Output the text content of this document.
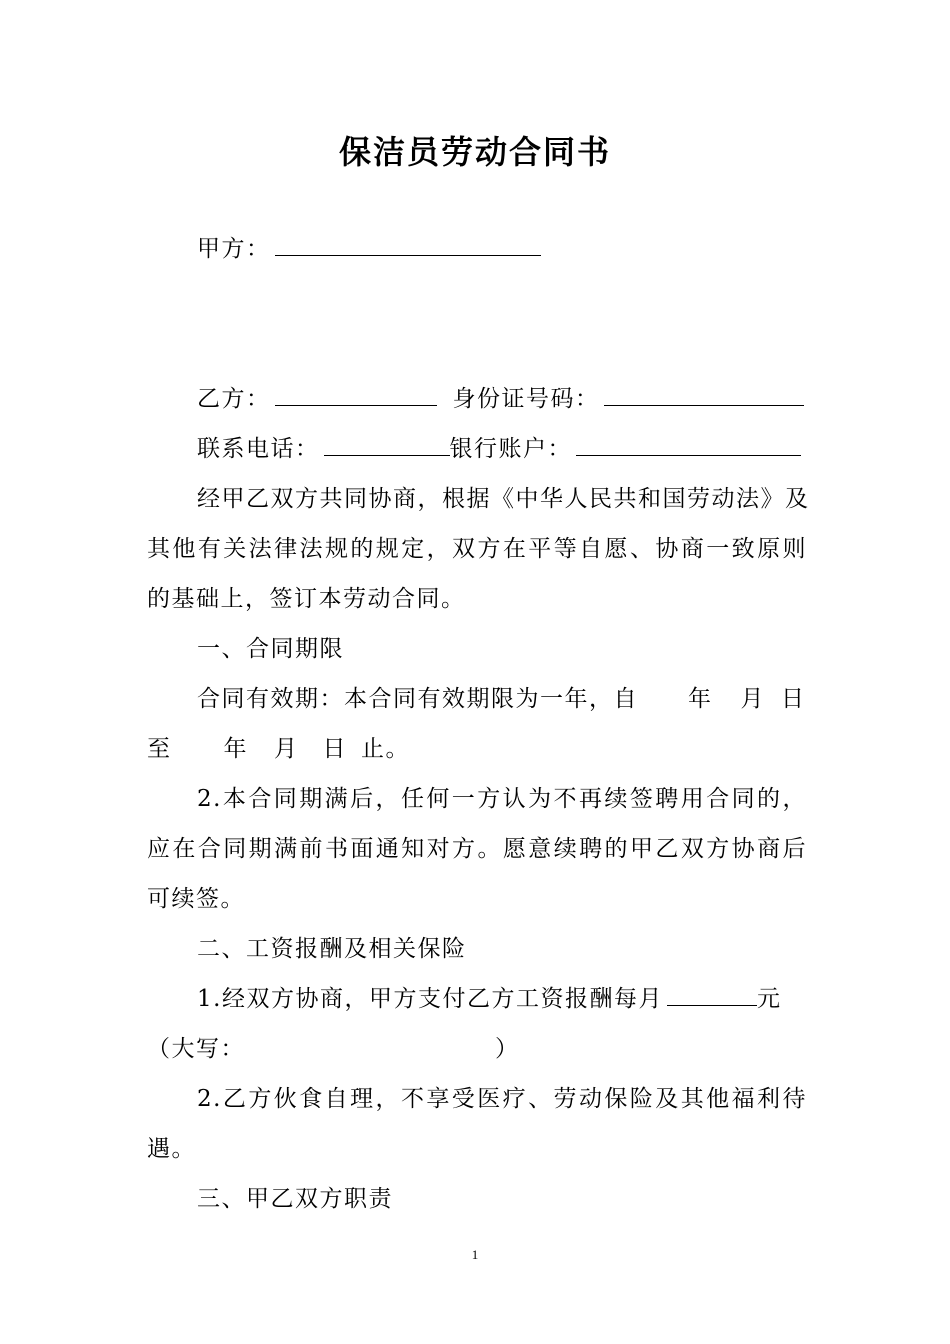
保洁员劳动合同书
甲方：
乙方：	身份证号码：
联系电话：	银行账户：
经甲乙双方共同协商，根据《中华人民共和国劳动法》及
其他有关法律法规的规定，双方在平等自愿、协商一致原则
的基础上，签订本劳动合同。
一、合同期限
合同有效期：本合同有效期限为一年，自 年 月 日
至 年 月 日 止。
2.本合同期满后，任何一方认为不再续签聘用合同的，
应在合同期满前书面通知对方。愿意续聘的甲乙双方协商后
可续签。
二、工资报酬及相关保险
1.经双方协商，甲方支付乙方工资报酬每月	元
（大写：	）
2.乙方伙食自理，不享受医疗、劳动保险及其他福利待
遇。
三、甲乙双方职责
1
